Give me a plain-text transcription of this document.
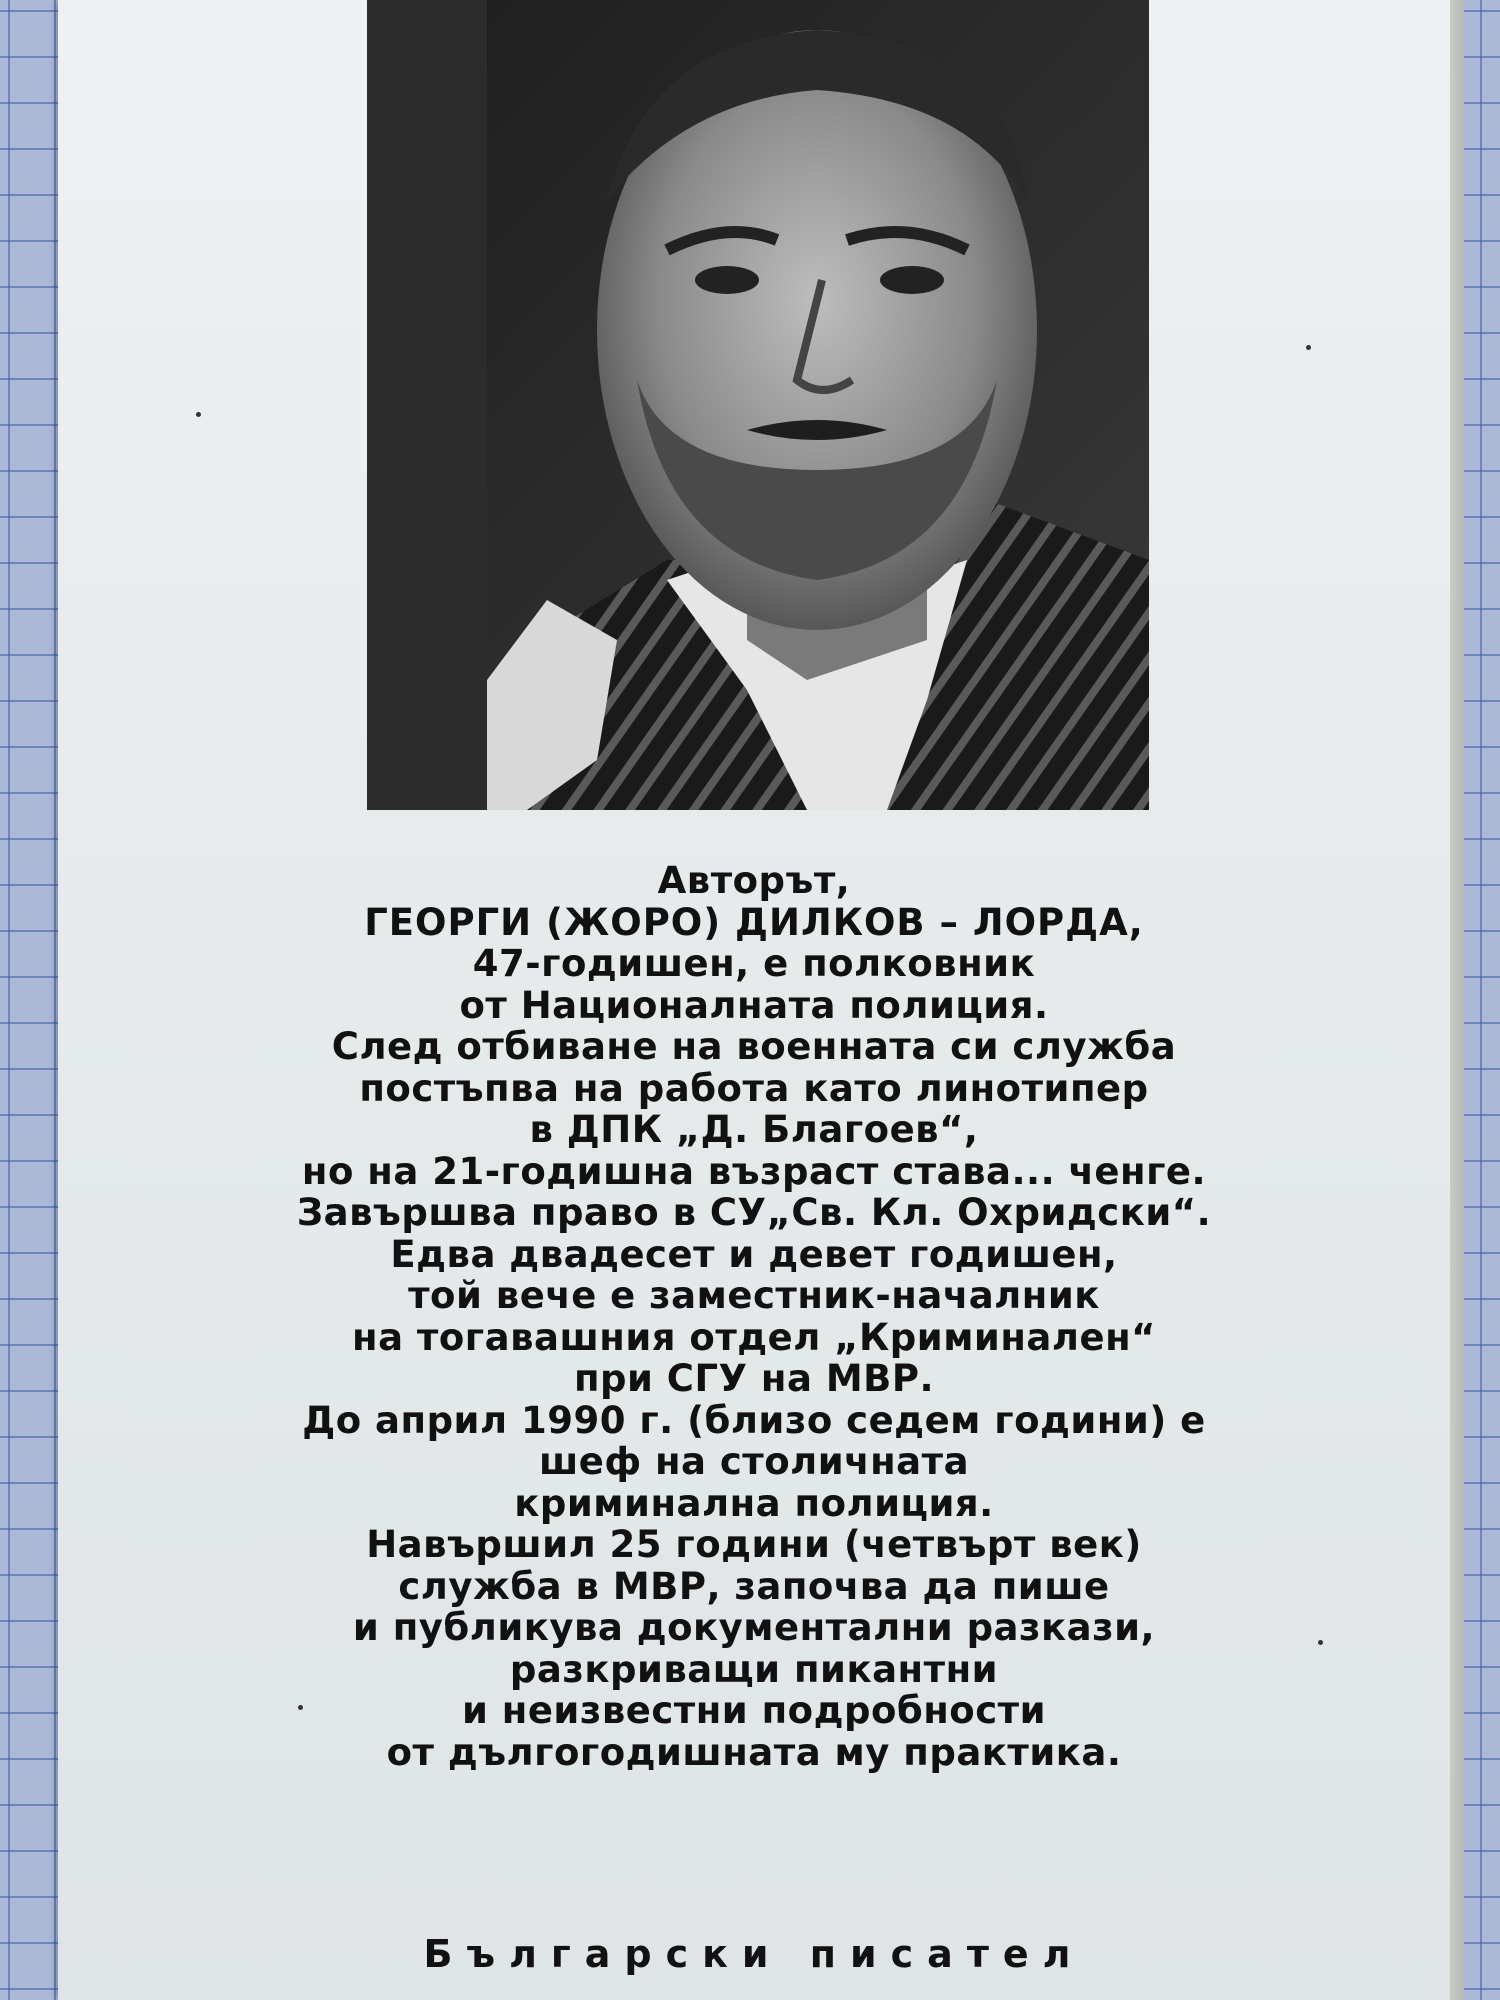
Авторът,
ГЕОРГИ (ЖОРО) ДИЛКОВ – ЛОРДА,
47-годишен, е полковник
от Националната полиция.
След отбиване на военната си служба
постъпва на работа като линотипер
в ДПК „Д. Благоев“,
но на 21-годишна възраст става... ченге.
Завършва право в СУ„Св. Кл. Охридски“.
Едва двадесет и девет годишен,
той вече е заместник-началник
на тогавашния отдел „Криминален“
при СГУ на МВР.
До април 1990 г. (близо седем години) е
шеф на столичната
криминална полиция.
Навършил 25 години (четвърт век)
служба в МВР, започва да пише
и публикува документални разкази,
разкриващи пикантни
и неизвестни подробности
от дългогодишната му практика.
Български писател
